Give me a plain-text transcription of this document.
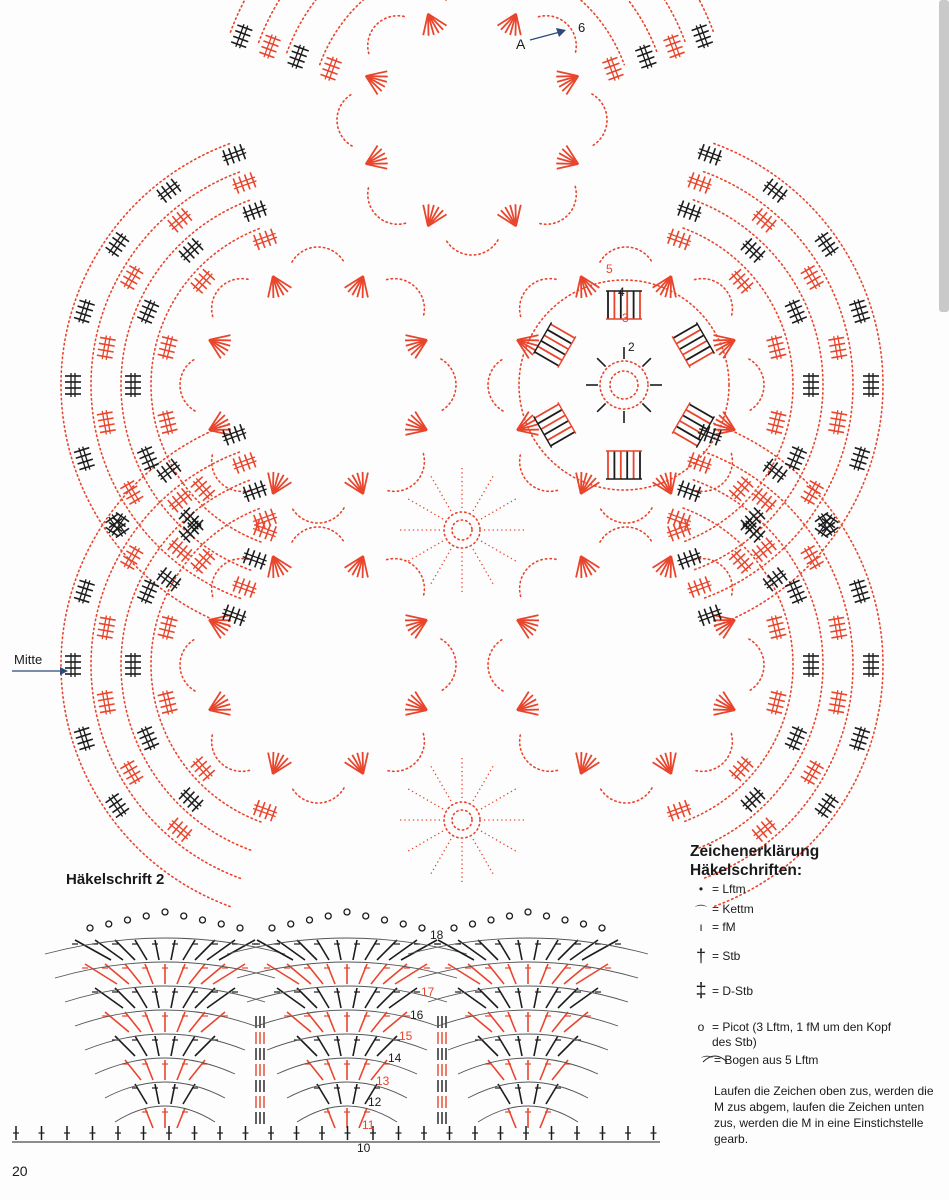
A
6
Mitte
5
4
3
2
Häkelschrift 2
18
17
16
15
14
13
12
11
10
Zeichenerklärung
Häkelschriften:
• = Lftm
⌒ = Kettm
ı = fM
† = Stb
‡ = D-Stb
o = Picot (3 Lftm, 1 fM um den Kopf
des Stb)
⌒ = Bogen aus 5 Lftm
Laufen die Zeichen oben zus, werden die M zus abgem, laufen die Zeichen unten zus, werden die M in eine Einstichstelle gearb.
20
